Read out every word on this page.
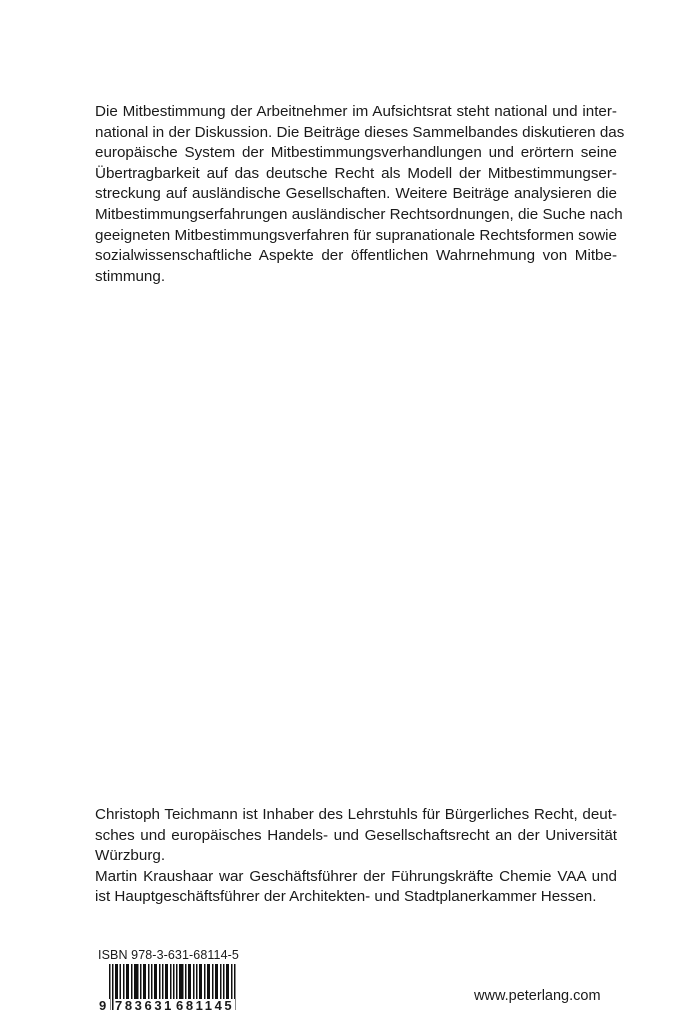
Die Mitbestimmung der Arbeitnehmer im Aufsichtsrat steht national und inter-
national in der Diskussion. Die Beiträge dieses Sammelbandes diskutieren das
europäische System der Mitbestimmungsverhandlungen und erörtern seine
Übertragbarkeit auf das deutsche Recht als Modell der Mitbestimmungser-
streckung auf ausländische Gesellschaften. Weitere Beiträge analysieren die
Mitbestimmungserfahrungen ausländischer Rechtsordnungen, die Suche nach
geeigneten Mitbestimmungsverfahren für supranationale Rechtsformen sowie
sozialwissenschaftliche Aspekte der öffentlichen Wahrnehmung von Mitbe-
stimmung.
Christoph Teichmann ist Inhaber des Lehrstuhls für Bürgerliches Recht, deut-
sches und europäisches Handels- und Gesellschaftsrecht an der Universität
Würzburg.
Martin Kraushaar war Geschäftsführer der Führungskräfte Chemie VAA und
ist Hauptgeschäftsführer der Architekten- und Stadtplanerkammer Hessen.
ISBN 978-3-631-68114-5
9 783631 681145
www.peterlang.com
